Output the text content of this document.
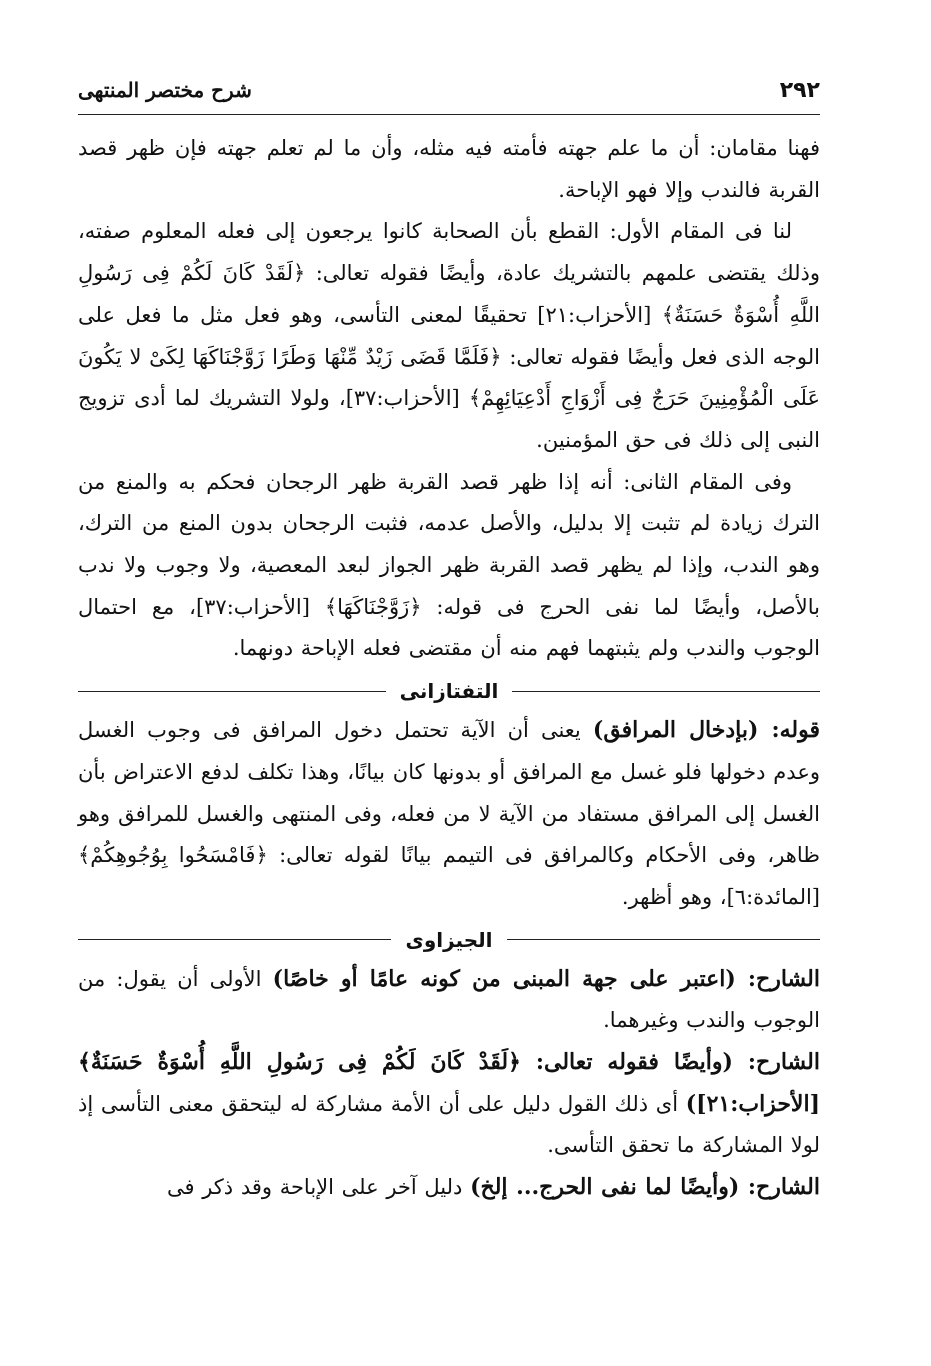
٢٩٢
شرح مختصر المنتهى

فهنا مقامان: أن ما علم جهته فأمته فيه مثله، وأن ما لم تعلم جهته فإن ظهر قصد القربة فالندب وإلا فهو الإباحة.

لنا فى المقام الأول: القطع بأن الصحابة كانوا يرجعون إلى فعله المعلوم صفته، وذلك يقتضى علمهم بالتشريك عادة، وأيضًا فقوله تعالى: ﴿لَقَدْ كَانَ لَكُمْ فِى رَسُولِ اللَّهِ أُسْوَةٌ حَسَنَةٌ﴾ [الأحزاب:٢١] تحقيقًا لمعنى التأسى، وهو فعل مثل ما فعل على الوجه الذى فعل وأيضًا فقوله تعالى: ﴿فَلَمَّا قَضَى زَيْدٌ مِّنْهَا وَطَرًا زَوَّجْنَاكَهَا لِكَىْ لا يَكُونَ عَلَى الْمُؤْمِنِينَ حَرَجٌ فِى أَزْوَاجِ أَدْعِيَائِهِمْ﴾ [الأحزاب:٣٧]، ولولا التشريك لما أدى تزويج النبى إلى ذلك فى حق المؤمنين.

وفى المقام الثانى: أنه إذا ظهر قصد القربة ظهر الرجحان فحكم به والمنع من الترك زيادة لم تثبت إلا بدليل، والأصل عدمه، فثبت الرجحان بدون المنع من الترك، وهو الندب، وإذا لم يظهر قصد القربة ظهر الجواز لبعد المعصية، ولا وجوب ولا ندب بالأصل، وأيضًا لما نفى الحرج فى قوله: ﴿زَوَّجْنَاكَهَا﴾ [الأحزاب:٣٧]، مع احتمال الوجوب والندب ولم يثبتهما فهم منه أن مقتضى فعله الإباحة دونهما.

التفتازانى

قوله: (بإدخال المرافق) يعنى أن الآية تحتمل دخول المرافق فى وجوب الغسل وعدم دخولها فلو غسل مع المرافق أو بدونها كان بيانًا، وهذا تكلف لدفع الاعتراض بأن الغسل إلى المرافق مستفاد من الآية لا من فعله، وفى المنتهى والغسل للمرافق وهو ظاهر، وفى الأحكام وكالمرافق فى التيمم بيانًا لقوله تعالى: ﴿فَامْسَحُوا بِوُجُوهِكُمْ﴾ [المائدة:٦]، وهو أظهر.

الجيزاوى

الشارح: (اعتبر على جهة المبنى من كونه عامًا أو خاصًا) الأولى أن يقول: من الوجوب والندب وغيرهما.

الشارح: (وأيضًا فقوله تعالى: ﴿لَقَدْ كَانَ لَكُمْ فِى رَسُولِ اللَّهِ أُسْوَةٌ حَسَنَةٌ﴾ [الأحزاب:٢١]) أى ذلك القول دليل على أن الأمة مشاركة له ليتحقق معنى التأسى إذ لولا المشاركة ما تحقق التأسى.

الشارح: (وأيضًا لما نفى الحرج... إلخ) دليل آخر على الإباحة وقد ذكر فى
